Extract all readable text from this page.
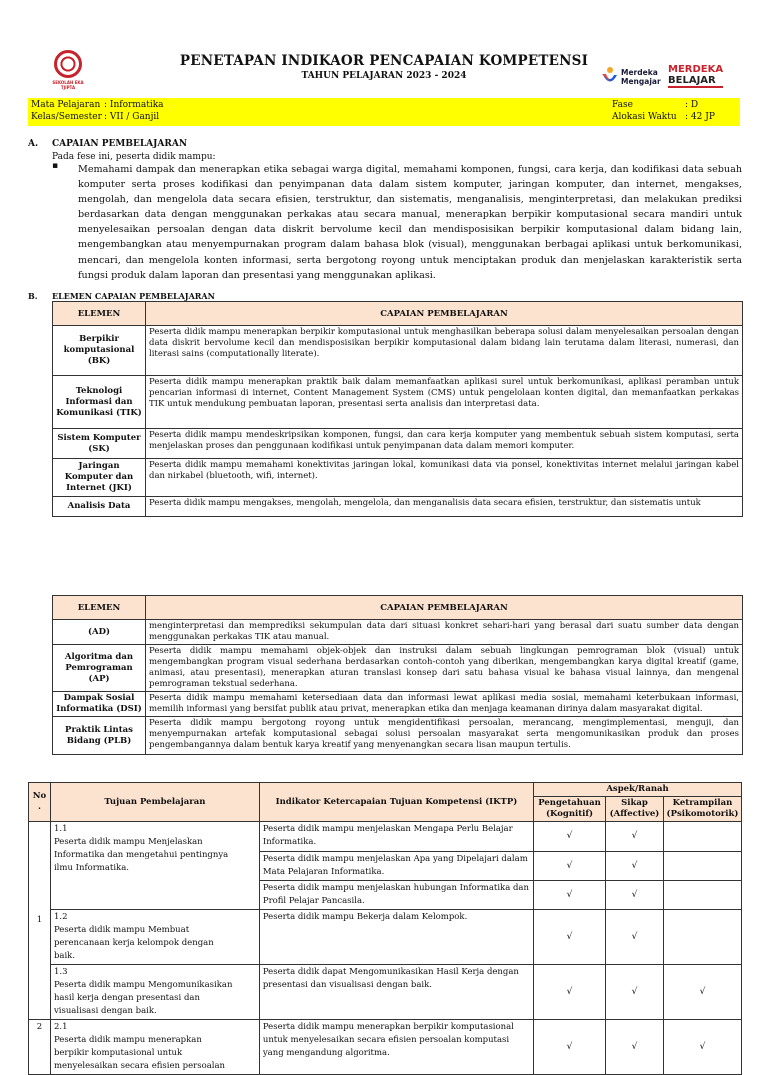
SEKOLAH EKA TJIPTA
PENETAPAN INDIKAOR PENCAPAIAN KOMPETENSI
TAHUN PELAJARAN 2023 - 2024	Merdeka
Mengajar
MERDEKA
BELAJAR
Mata Pelajaran : Informatika
Kelas/Semester : VII / Ganjil
Fase	: D
Alokasi Waktu : 42 JP
A. CAPAIAN PEMBELAJARAN
Pada fese ini, peserta didik mampu:
▪ Memahami dampak dan menerapkan etika sebagai warga digital, memahami komponen, fungsi, cara kerja, dan kodifikasi data sebuah komputer serta proses kodifikasi dan penyimpanan data dalam sistem komputer, jaringan komputer, dan internet, mengakses, mengolah, dan mengelola data secara efisien, terstruktur, dan sistematis, menganalisis, menginterpretasi, dan melakukan prediksi berdasarkan data dengan menggunakan perkakas atau secara manual, menerapkan berpikir komputasional secara mandiri untuk menyelesaikan persoalan dengan data diskrit bervolume kecil dan mendisposisikan berpikir komputasional dalam bidang lain, mengembangkan atau menyempurnakan program dalam bahasa blok (visual), menggunakan berbagai aplikasi untuk berkomunikasi, mencari, dan mengelola konten informasi, serta bergotong royong untuk menciptakan produk dan menjelaskan karakteristik serta fungsi produk dalam laporan dan presentasi yang menggunakan aplikasi.
B. ELEMEN CAPAIAN PEMBELAJARAN
ELEMEN	CAPAIAN PEMBELAJARAN
Berpikir komputasional (BK)	Peserta didik mampu menerapkan berpikir komputasional untuk menghasilkan beberapa solusi dalam menyelesaikan persoalan dengan data diskrit bervolume kecil dan mendisposisikan berpikir komputasional dalam bidang lain terutama dalam literasi, numerasi, dan literasi sains (computationally literate).
Teknologi Informasi dan Komunikasi (TIK)	Peserta didik mampu menerapkan praktik baik dalam memanfaatkan aplikasi surel untuk berkomunikasi, aplikasi peramban untuk pencarian informasi di internet, Content Management System (CMS) untuk pengelolaan konten digital, dan memanfaatkan perkakas TIK untuk mendukung pembuatan laporan, presentasi serta analisis dan interpretasi data.
Sistem Komputer (SK)	Peserta didik mampu mendeskripsikan komponen, fungsi, dan cara kerja komputer yang membentuk sebuah sistem komputasi, serta menjelaskan proses dan penggunaan kodifikasi untuk penyimpanan data dalam memori komputer.
Jaringan Komputer dan Internet (JKI)	Peserta didik mampu memahami konektivitas jaringan lokal, komunikasi data via ponsel, konektivitas internet melalui jaringan kabel dan nirkabel (bluetooth, wifi, internet).
Analisis Data	Peserta didik mampu mengakses, mengolah, mengelola, dan menganalisis data secara efisien, terstruktur, dan sistematis untuk
ELEMEN	CAPAIAN PEMBELAJARAN
(AD)	menginterpretasi dan memprediksi sekumpulan data dari situasi konkret sehari-hari yang berasal dari suatu sumber data dengan menggunakan perkakas TIK atau manual.
Algoritma dan Pemrograman (AP)	Peserta didik mampu memahami objek-objek dan instruksi dalam sebuah lingkungan pemrograman blok (visual) untuk mengembangkan program visual sederhana berdasarkan contoh-contoh yang diberikan, mengembangkan karya digital kreatif (game, animasi, atau presentasi), menerapkan aturan translasi konsep dari satu bahasa visual ke bahasa visual lainnya, dan mengenal pemrograman tekstual sederhana.
Dampak Sosial Informatika (DSI)	Peserta didik mampu memahami ketersediaan data dan informasi lewat aplikasi media sosial, memahami keterbukaan informasi, memilih informasi yang bersifat publik atau privat, menerapkan etika dan menjaga keamanan dirinya dalam masyarakat digital.
Praktik Lintas Bidang (PLB)	Peserta didik mampu bergotong royong untuk mengidentifikasi persoalan, merancang, mengimplementasi, menguji, dan menyempurnakan artefak komputasional sebagai solusi persoalan masyarakat serta mengomunikasikan produk dan proses pengembangannya dalam bentuk karya kreatif yang menyenangkan secara lisan maupun tertulis.
No
.	Tujuan Pembelajaran	Indikator Ketercapaian Tujuan Kompetensi (IKTP)	Aspek/Ranah		
			Pengetahuan (Kognitif)	Sikap (Affective)	Ketrampilan (Psikomotorik)
1	1.1Peserta didik mampu Menjelaskan Informatika dan mengetahui pentingnya ilmu Informatika.	Peserta didik mampu menjelaskan Mengapa Perlu Belajar Informatika.	√	√	
		Peserta didik mampu menjelaskan Apa yang Dipelajari dalam Mata Pelajaran Informatika.	√	√	
		Peserta didik mampu menjelaskan hubungan Informatika dan Profil Pelajar Pancasila.	√	√	
	1.2Peserta didik mampu Membuat perencanaan kerja kelompok dengan baik.	Peserta didik mampu Bekerja dalam Kelompok.	√	√	
	1.3Peserta didik mampu Mengomunikasikan hasil kerja dengan presentasi dan visualisasi dengan baik.	Peserta didik dapat Mengomunikasikan Hasil Kerja dengan presentasi dan visualisasi dengan baik.	√	√	√
2	2.1Peserta didik mampu menerapkan berpikir komputasional untuk menyelesaikan secara efisien persoalan	Peserta didik mampu menerapkan berpikir komputasional untuk menyelesaikan secara efisien persoalan komputasi yang mengandung algoritma.	√	√	√
